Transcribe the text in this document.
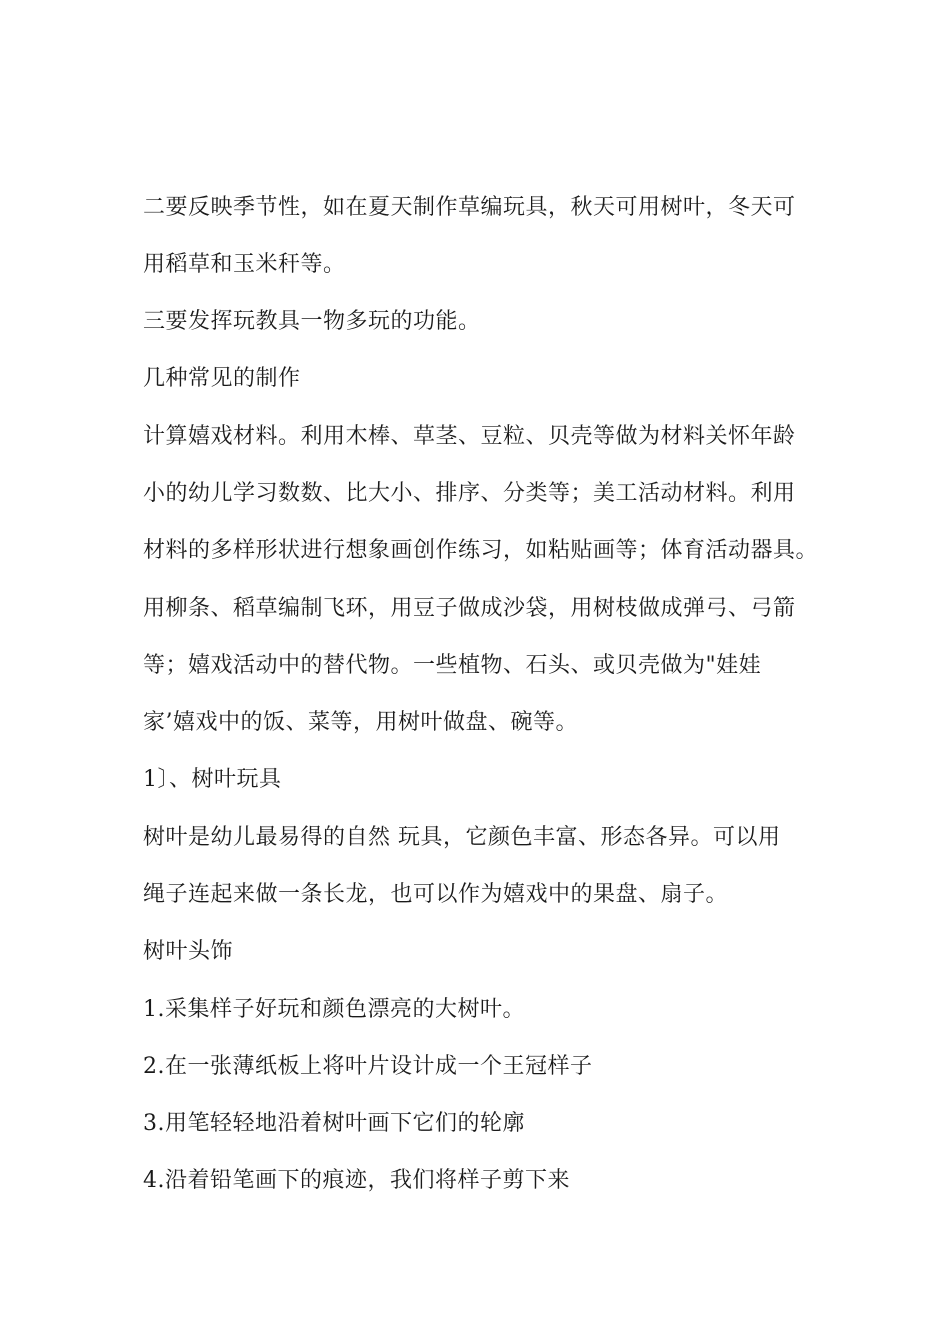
二要反映季节性，如在夏天制作草编玩具，秋天可用树叶，冬天可
用稻草和玉米秆等。
三要发挥玩教具一物多玩的功能。
几种常见的制作
计算嬉戏材料。利用木棒、草茎、豆粒、贝壳等做为材料关怀年龄
小的幼儿学习数数、比大小、排序、分类等；美工活动材料。利用
材料的多样形状进行想象画创作练习，如粘贴画等；体育活动器具。
用柳条、稻草编制飞环，用豆子做成沙袋，用树枝做成弹弓、弓箭
等；嬉戏活动中的替代物。一些植物、石头、或贝壳做为"娃娃
家’嬉戏中的饭、菜等，用树叶做盘、碗等。
1〕、树叶玩具
树叶是幼儿最易得的自然 玩具，它颜色丰富、形态各异。可以用
绳子连起来做一条长龙，也可以作为嬉戏中的果盘、扇子。
树叶头饰
1.采集样子好玩和颜色漂亮的大树叶。
2.在一张薄纸板上将叶片设计成一个王冠样子
3.用笔轻轻地沿着树叶画下它们的轮廓
4.沿着铅笔画下的痕迹，我们将样子剪下来
